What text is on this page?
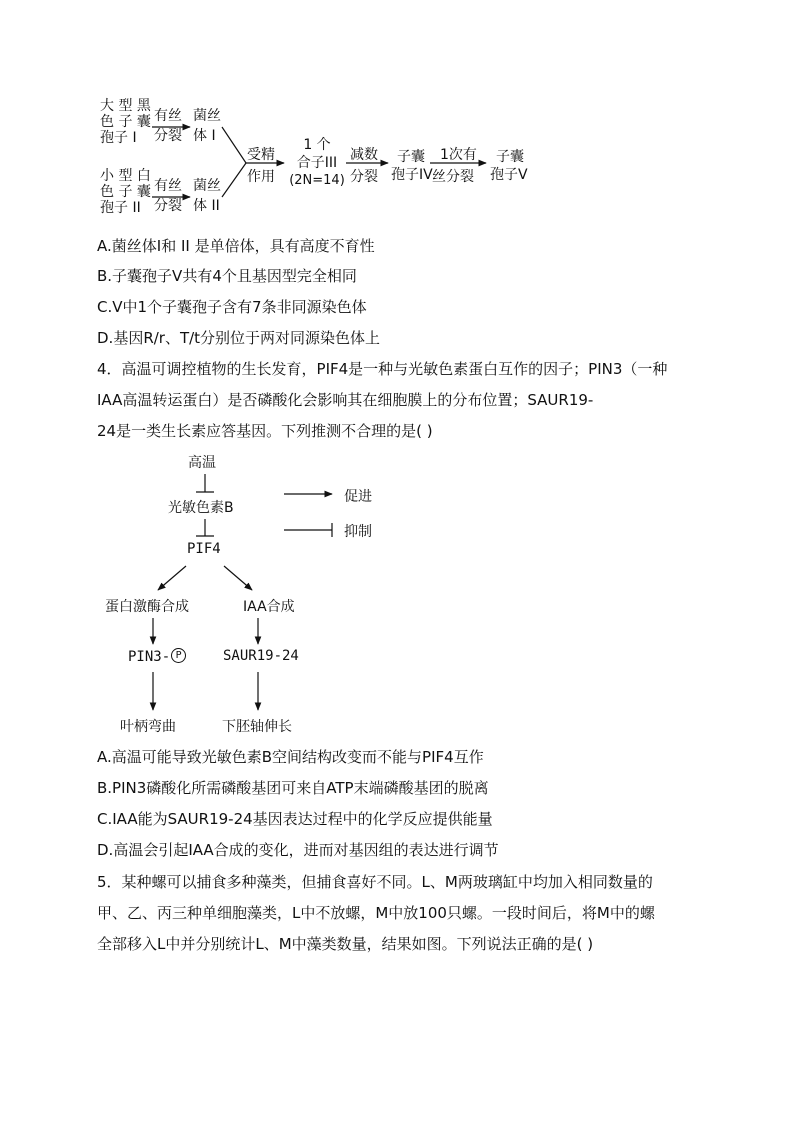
大 型 黑
色 子 囊
孢子 I
小 型 白
色 子 囊
孢子 II
有丝
分裂
有丝
分裂
菌丝
体 I
菌丝
体 II
受精
作用
1 个
合子III
(2N=14)
减数
分裂
子囊
孢子IV
1次有
丝分裂
子囊
孢子V
A.菌丝体I和 II 是单倍体，具有高度不育性
B.子囊孢子V共有4个且基因型完全相同
C.V中1个子囊孢子含有7条非同源染色体
D.基因R/r、T/t分别位于两对同源染色体上
4．高温可调控植物的生长发育，PIF4是一种与光敏色素蛋白互作的因子；PIN3（一种
IAA高温转运蛋白）是否磷酸化会影响其在细胞膜上的分布位置；SAUR19-
24是一类生长素应答基因。下列推测不合理的是( )
高温
光敏色素B
PIF4
蛋白激酶合成	IAA合成
PIN3- P	SAUR19-24
叶柄弯曲	下胚轴伸长
促进
抑制
A.高温可能导致光敏色素B空间结构改变而不能与PIF4互作
B.PIN3磷酸化所需磷酸基团可来自ATP末端磷酸基团的脱离
C.IAA能为SAUR19-24基因表达过程中的化学反应提供能量
D.高温会引起IAA合成的变化，进而对基因组的表达进行调节
5．某种螺可以捕食多种藻类，但捕食喜好不同。L、M两玻璃缸中均加入相同数量的
甲、乙、丙三种单细胞藻类，L中不放螺，M中放100只螺。一段时间后，将M中的螺
全部移入L中并分别统计L、M中藻类数量，结果如图。下列说法正确的是( )
